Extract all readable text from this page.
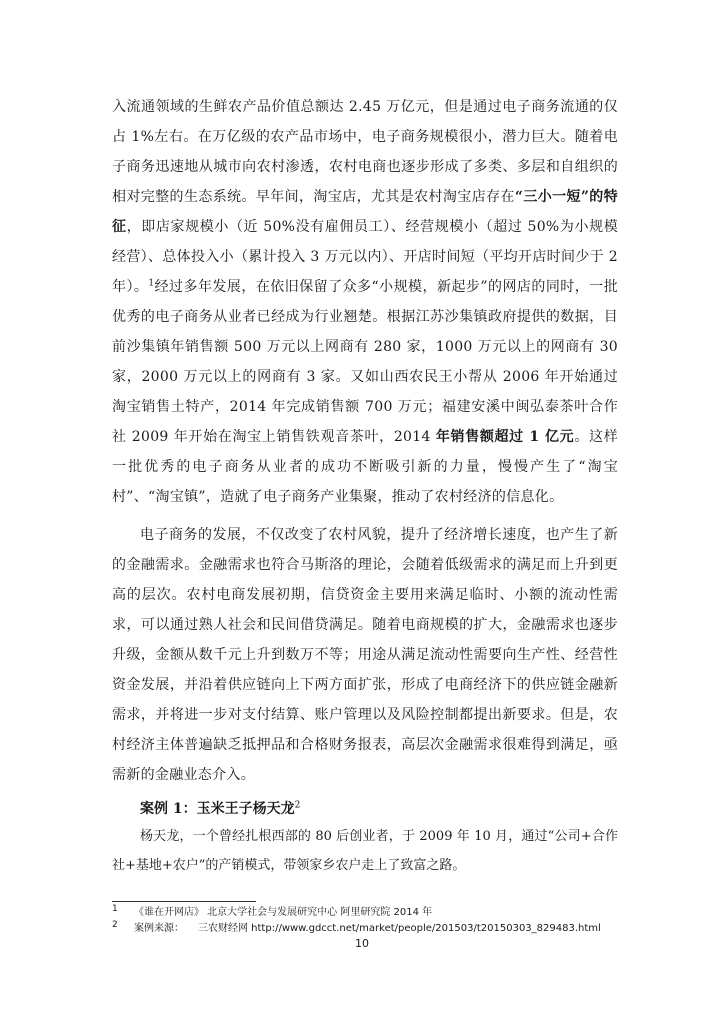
入流通领域的生鲜农产品价值总额达 2.45 万亿元，但是通过电子商务流通的仅占 1%左右。在万亿级的农产品市场中，电子商务规模很小，潜力巨大。随着电子商务迅速地从城市向农村渗透，农村电商也逐步形成了多类、多层和自组织的相对完整的生态系统。早年间，淘宝店，尤其是农村淘宝店存在“三小一短”的特征，即店家规模小（近 50%没有雇佣员工）、经营规模小（超过 50%为小规模经营）、总体投入小（累计投入 3 万元以内）、开店时间短（平均开店时间少于 2 年）。$^1$经过多年发展，在依旧保留了众多“小规模，新起步”的网店的同时，一批优秀的电子商务从业者已经成为行业翘楚。根据江苏沙集镇政府提供的数据，目前沙集镇年销售额 500 万元以上网商有 280 家，1000 万元以上的网商有 30 家，2000 万元以上的网商有 3 家。又如山西农民王小帮从 2006 年开始通过淘宝销售土特产，2014 年完成销售额 700 万元；福建安溪中闽弘泰茶叶合作社 2009 年开始在淘宝上销售铁观音茶叶，2014 年销售额超过 1 亿元。这样一批优秀的电子商务从业者的成功不断吸引新的力量，慢慢产生了“淘宝村”、“淘宝镇”，造就了电子商务产业集聚，推动了农村经济的信息化。

电子商务的发展，不仅改变了农村风貌，提升了经济增长速度，也产生了新的金融需求。金融需求也符合马斯洛的理论，会随着低级需求的满足而上升到更高的层次。农村电商发展初期，信贷资金主要用来满足临时、小额的流动性需求，可以通过熟人社会和民间借贷满足。随着电商规模的扩大，金融需求也逐步升级，金额从数千元上升到数万不等；用途从满足流动性需要向生产性、经营性资金发展，并沿着供应链向上下两方面扩张，形成了电商经济下的供应链金融新需求，并将进一步对支付结算、账户管理以及风险控制都提出新要求。但是，农村经济主体普遍缺乏抵押品和合格财务报表，高层次金融需求很难得到满足，亟需新的金融业态介入。

案例 1：玉米王子杨天龙$^2$

杨天龙，一个曾经扎根西部的 80 后创业者，于 2009 年 10 月，通过“公司+合作社+基地+农户”的产销模式，带领家乡农户走上了致富之路。

$^1$ 《谁在开网店》 北京大学社会与发展研究中心 阿里研究院 2014 年

$^2$ 案例来源： 三农财经网 http://www.gdcct.net/market/people/201503/t20150303_829483.html

10
